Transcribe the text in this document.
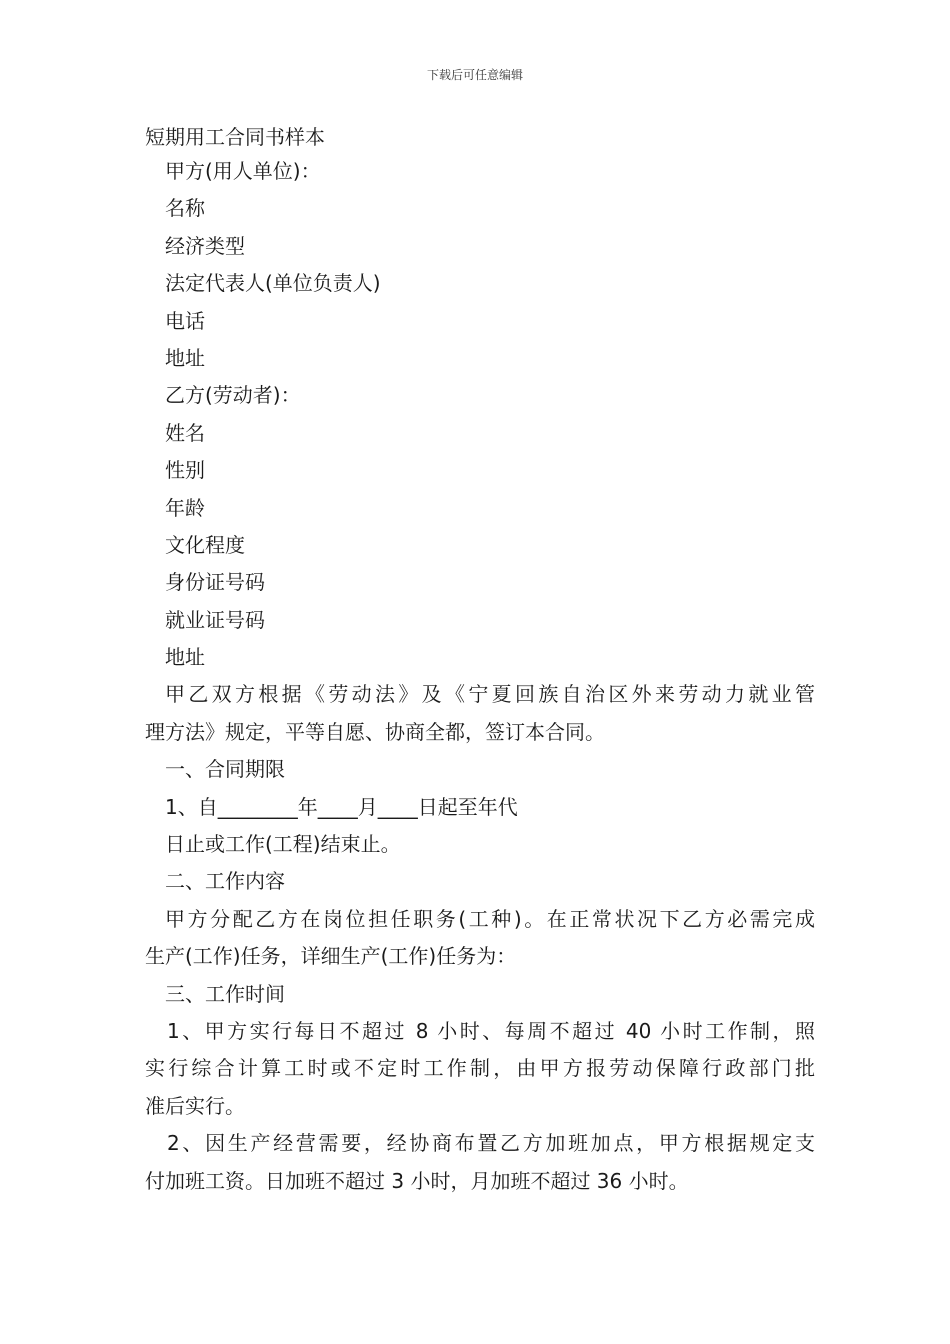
下载后可任意编辑
短期用工合同书样本
甲方(用人单位)：
名称
经济类型
法定代表人(单位负责人)
电话
地址
乙方(劳动者)：
姓名
性别
年龄
文化程度
身份证号码
就业证号码
地址
甲乙双方根据《劳动法》及《宁夏回族自治区外来劳动力就业管
理方法》规定，平等自愿、协商全都，签订本合同。
一、合同期限
1、自________年____月____日起至年代
日止或工作(工程)结束止。
二、工作内容
甲方分配乙方在岗位担任职务(工种)。在正常状况下乙方必需完成
生产(工作)任务，详细生产(工作)任务为：
三、工作时间
1、甲方实行每日不超过 8 小时、每周不超过 40 小时工作制，照
实行综合计算工时或不定时工作制，由甲方报劳动保障行政部门批
准后实行。
2、因生产经营需要，经协商布置乙方加班加点，甲方根据规定支
付加班工资。日加班不超过 3 小时，月加班不超过 36 小时。
